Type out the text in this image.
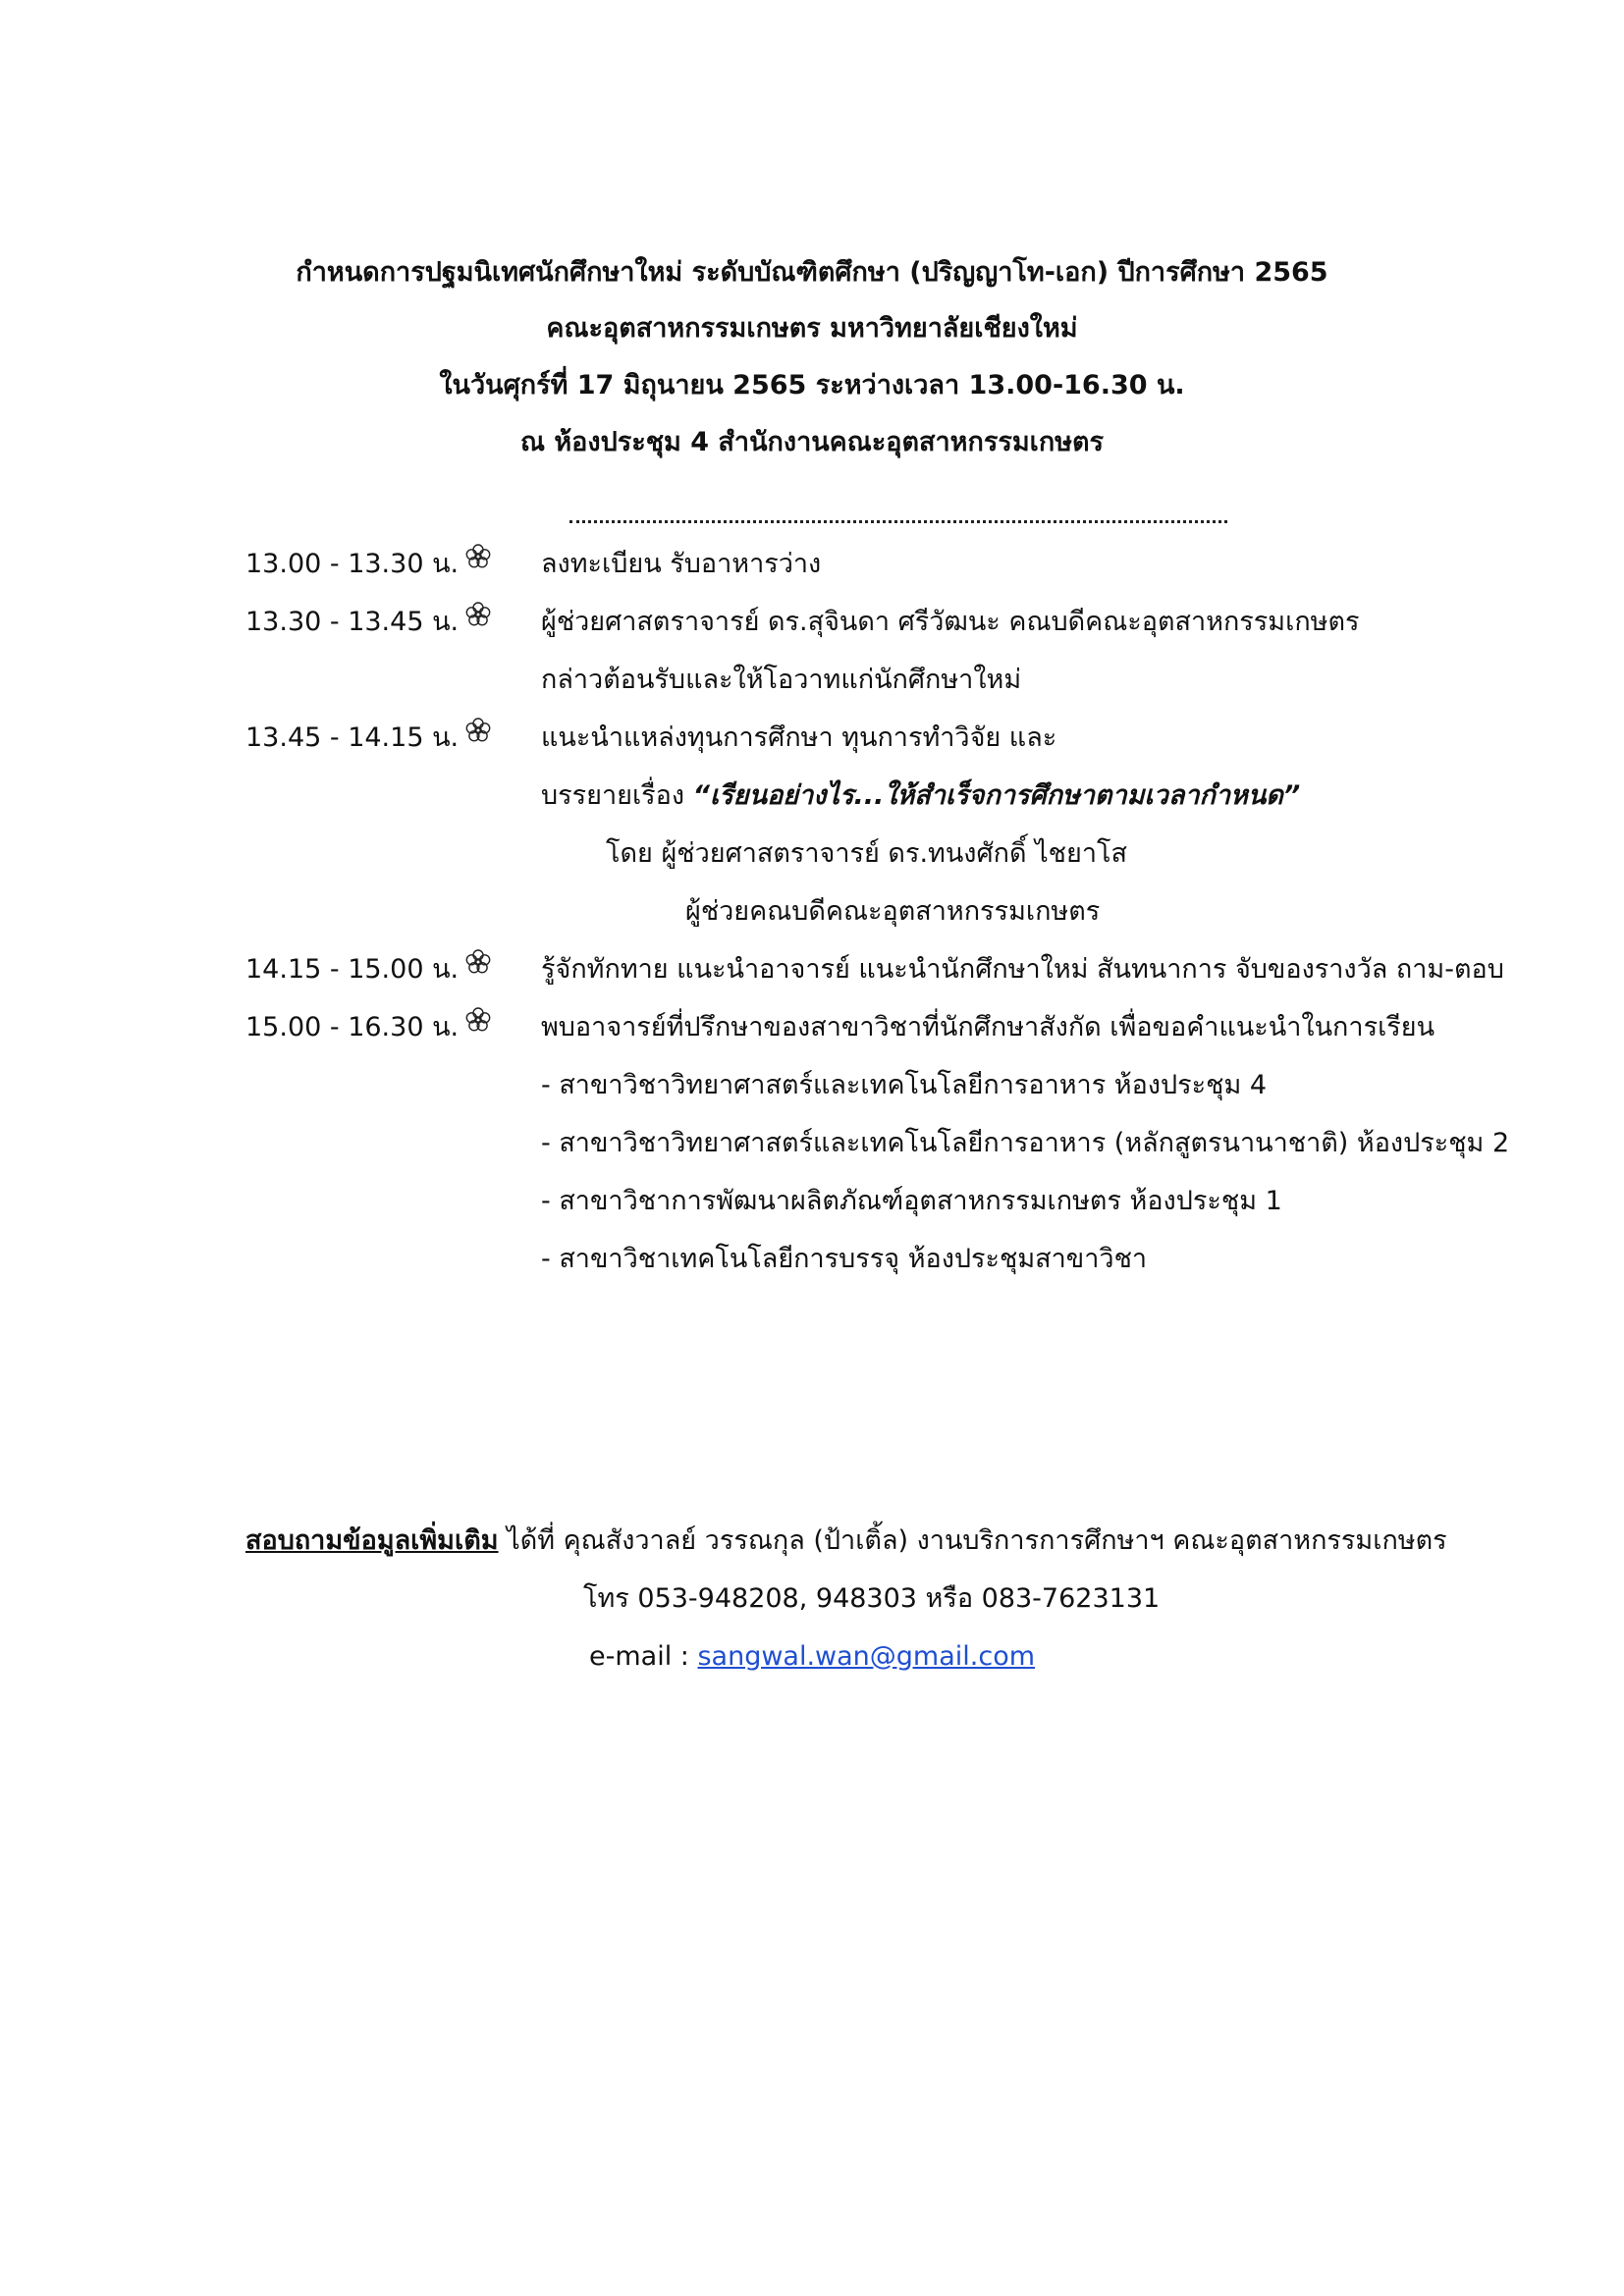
กำหนดการปฐมนิเทศนักศึกษาใหม่ ระดับบัณฑิตศึกษา (ปริญญาโท-เอก) ปีการศึกษา 2565
คณะอุตสาหกรรมเกษตร มหาวิทยาลัยเชียงใหม่
ในวันศุกร์ที่ 17 มิถุนายน 2565 ระหว่างเวลา 13.00-16.30 น.
ณ ห้องประชุม 4 สำนักงานคณะอุตสาหกรรมเกษตร
13.00 - 13.30 น.	ลงทะเบียน รับอาหารว่าง
13.30 - 13.45 น.	ผู้ช่วยศาสตราจารย์ ดร.สุจินดา ศรีวัฒนะ คณบดีคณะอุตสาหกรรมเกษตร
กล่าวต้อนรับและให้โอวาทแก่นักศึกษาใหม่
13.45 - 14.15 น.	แนะนำแหล่งทุนการศึกษา ทุนการทำวิจัย และ
บรรยายเรื่อง “เรียนอย่างไร...ให้สำเร็จการศึกษาตามเวลากำหนด”
โดย ผู้ช่วยศาสตราจารย์ ดร.ทนงศักดิ์ ไชยาโส
ผู้ช่วยคณบดีคณะอุตสาหกรรมเกษตร
14.15 - 15.00 น.	รู้จักทักทาย แนะนำอาจารย์ แนะนำนักศึกษาใหม่ สันทนาการ จับของรางวัล ถาม-ตอบ
15.00 - 16.30 น.	พบอาจารย์ที่ปรึกษาของสาขาวิชาที่นักศึกษาสังกัด เพื่อขอคำแนะนำในการเรียน
- สาขาวิชาวิทยาศาสตร์และเทคโนโลยีการอาหาร ห้องประชุม 4
- สาขาวิชาวิทยาศาสตร์และเทคโนโลยีการอาหาร (หลักสูตรนานาชาติ) ห้องประชุม 2
- สาขาวิชาการพัฒนาผลิตภัณฑ์อุตสาหกรรมเกษตร ห้องประชุม 1
- สาขาวิชาเทคโนโลยีการบรรจุ ห้องประชุมสาขาวิชา
สอบถามข้อมูลเพิ่มเติม ได้ที่ คุณสังวาลย์ วรรณกุล (ป้าเติ้ล) งานบริการการศึกษาฯ คณะอุตสาหกรรมเกษตร
โทร 053-948208, 948303 หรือ 083-7623131
e-mail : sangwal.wan@gmail.com
